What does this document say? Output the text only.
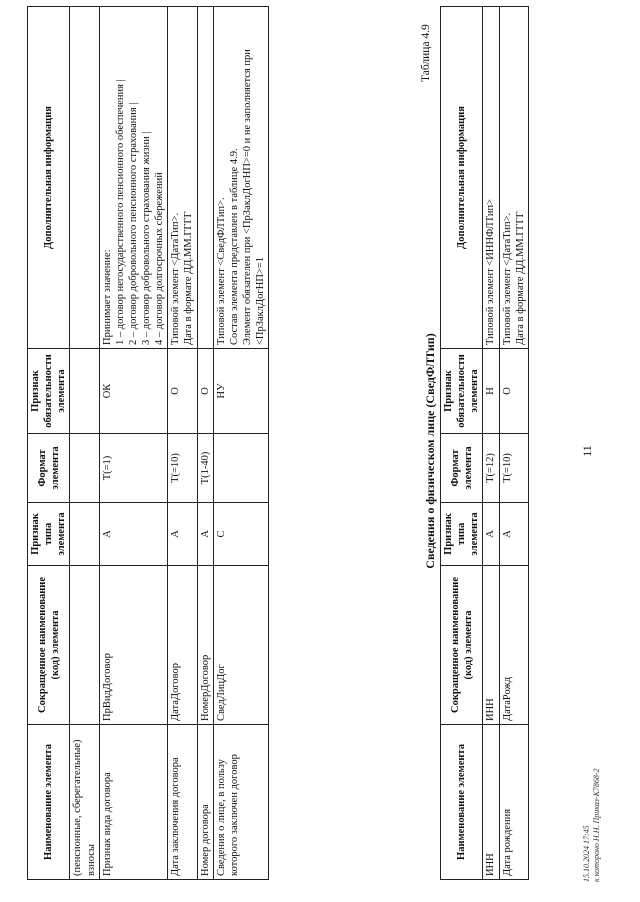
11
Наименование элемента	Сокращенное наименование (код) элемента	Признак типа элемента	Формат элемента	Признак обязательности элемента	Дополнительная информация
(пенсионные, сберегательные) взносы					
Признак вида договора	ПрВидДоговор	А	Т(=1)	ОК	Принимает значение:
1 – договор негосударственного пенсионного обеспечения |
2 – договор добровольного пенсионного страхования |
3 – договор добровольного страхования жизни |
4 – договор долгосрочных сбережений
Дата заключения договора	ДатаДоговор	А	Т(=10)	О	Типовой элемент <ДатаТип>.
Дата в формате ДД.ММ.ГГГГ
Номер договора	НомерДоговор	А	Т(1-40)	О	
Сведения о лице, в пользу которого заключен договор	СведЛицДог	С		НУ	Типовой элемент <СведФЛТип>.
Состав элемента представлен в таблице 4.9.
Элемент обязателен при <ПрЗаклДогНП>=0 и не заполняется при <ПрЗаклДогНП>=1
Таблица 4.9
Сведения о физическом лице (СведФЛТип)
Наименование элемента	Сокращенное наименование (код) элемента	Признак типа элемента	Формат элемента	Признак обязательности элемента	Дополнительная информация
ИНН	ИНН	А	Т(=12)	Н	Типовой элемент <ИННФЛТип>
Дата рождения	ДатаРожд	А	Т(=10)	О	Типовой элемент <ДатаТип>.
Дата в формате ДД.ММ.ГГГГ
15.10.2024 17:45 к котороно Н.Н. Приказ-К7868-2
